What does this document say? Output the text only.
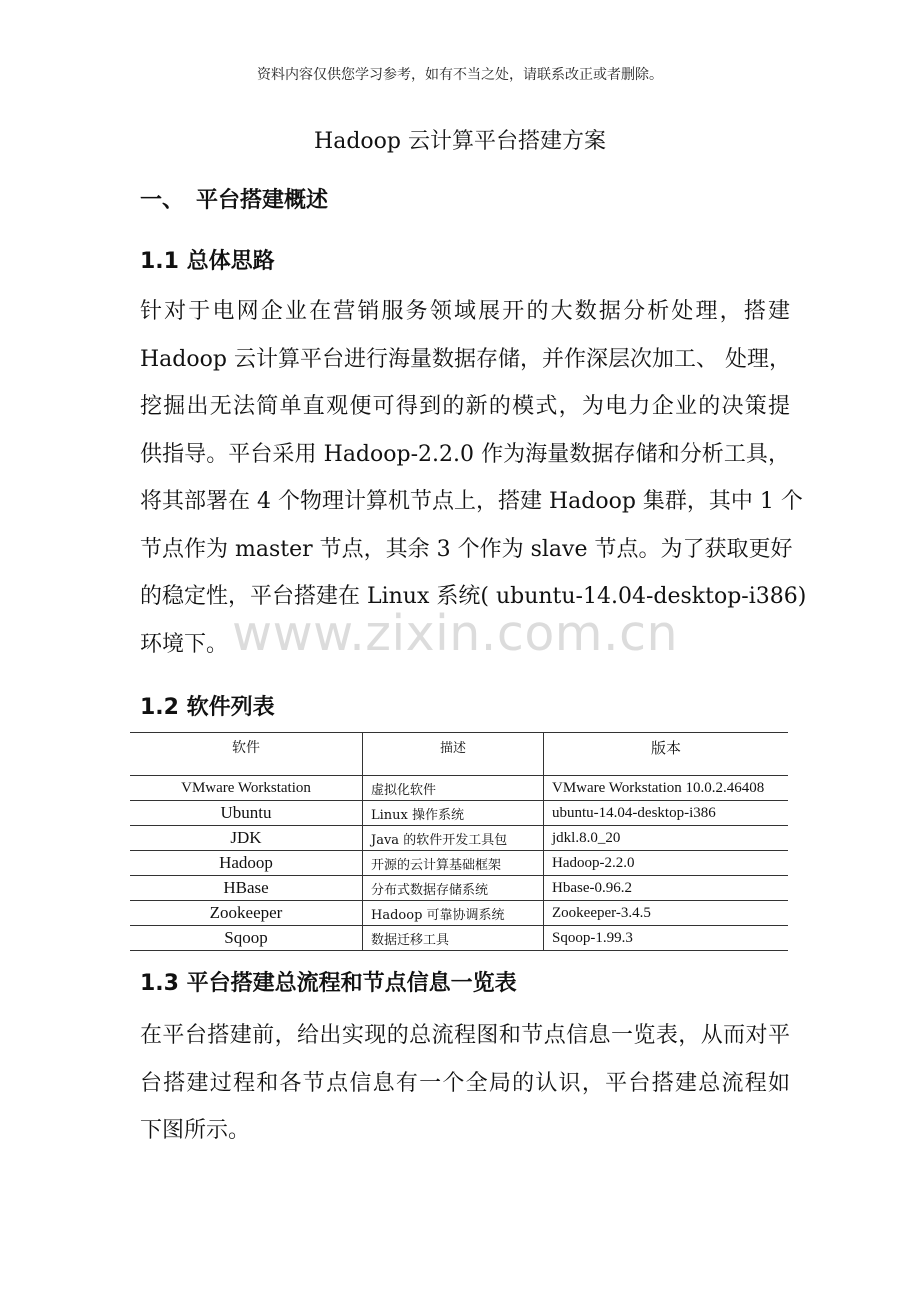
资料内容仅供您学习参考，如有不当之处，请联系改正或者删除。
Hadoop 云计算平台搭建方案
一、 平台搭建概述
1.1 总体思路
针对于电网企业在营销服务领域展开的大数据分析处理，搭建
Hadoop 云计算平台进行海量数据存储，并作深层次加工、 处理，
挖掘出无法简单直观便可得到的新的模式，为电力企业的决策提
供指导。平台采用 Hadoop-2.2.0 作为海量数据存储和分析工具，
将其部署在 4 个物理计算机节点上，搭建 Hadoop 集群，其中 1 个
节点作为 master 节点，其余 3 个作为 slave 节点。为了获取更好
的稳定性，平台搭建在 Linux 系统( ubuntu-14.04-desktop-i386)
环境下。 www.zixin.com.cn
1.2 软件列表
软件	描述	版本
VMware Workstation	虚拟化软件	VMware Workstation 10.0.2.46408
Ubuntu	Linux 操作系统	ubuntu-14.04-desktop-i386
JDK	Java 的软件开发工具包	jdkl.8.0_20
Hadoop	开源的云计算基础框架	Hadoop-2.2.0
HBase	分布式数据存储系统	Hbase-0.96.2
Zookeeper	Hadoop 可靠协调系统	Zookeeper-3.4.5
Sqoop	数据迁移工具	Sqoop-1.99.3
1.3 平台搭建总流程和节点信息一览表
在平台搭建前，给出实现的总流程图和节点信息一览表，从而对平
台搭建过程和各节点信息有一个全局的认识，平台搭建总流程如
下图所示。
